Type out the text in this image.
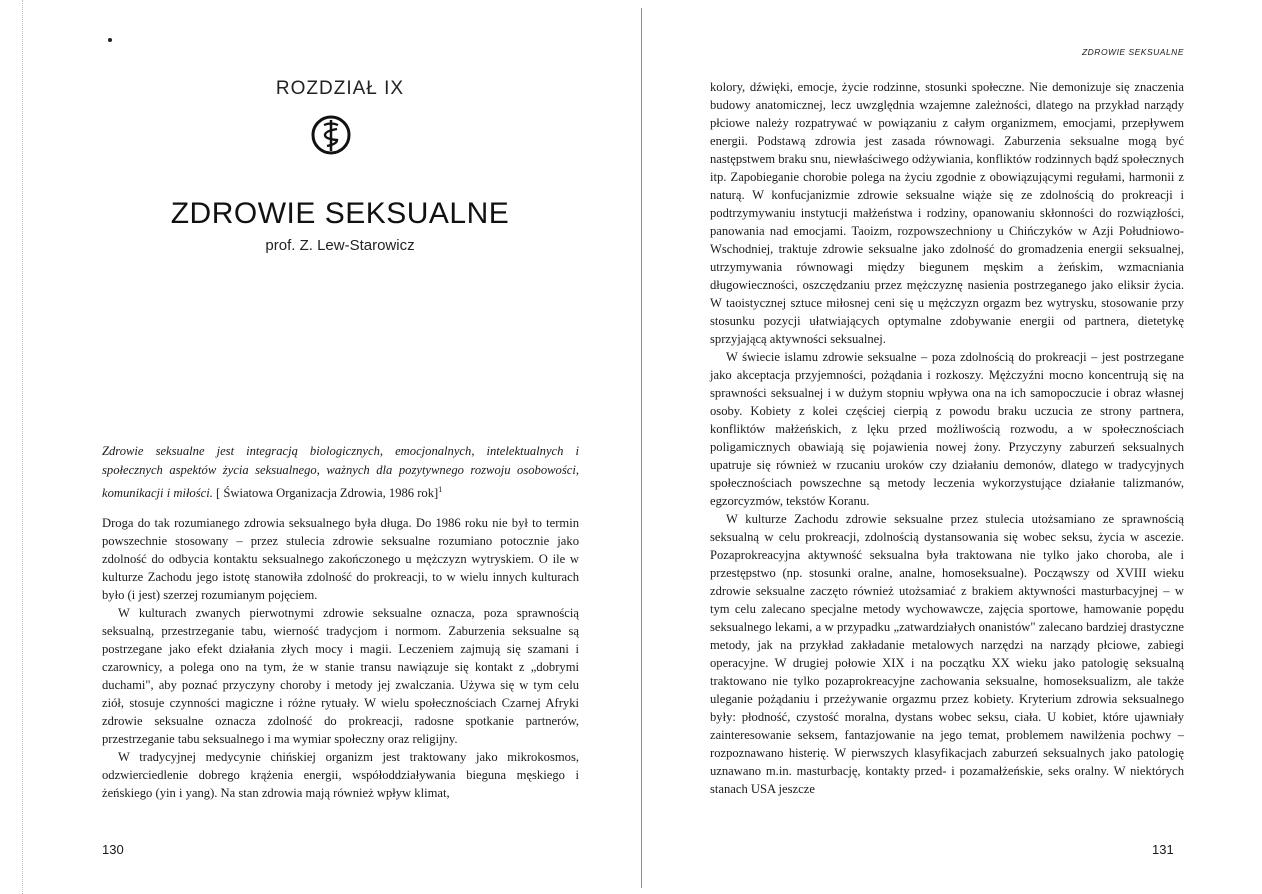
ROZDZIAŁ IX
ZDROWIE SEKSUALNE
prof. Z. Lew-Starowicz
Zdrowie seksualne jest integracją biologicznych, emocjonalnych, intelektualnych i społecznych aspektów życia seksualnego, ważnych dla pozytywnego rozwoju osobowości, komunikacji i miłości. [ Światowa Organizacja Zdrowia, 1986 rok]$^1$

Droga do tak rozumianego zdrowia seksualnego była długa. Do 1986 roku nie był to termin powszechnie stosowany – przez stulecia zdrowie seksualne rozumiano potocznie jako zdolność do odbycia kontaktu seksualnego zakończonego u mężczyzn wytryskiem. O ile w kulturze Zachodu jego istotę stanowiła zdolność do prokreacji, to w wielu innych kulturach było (i jest) szerzej rozumianym pojęciem.

W kulturach zwanych pierwotnymi zdrowie seksualne oznacza, poza sprawnością seksualną, przestrzeganie tabu, wierność tradycjom i normom. Zaburzenia seksualne są postrzegane jako efekt działania złych mocy i magii. Leczeniem zajmują się szamani i czarownicy, a polega ono na tym, że w stanie transu nawiązuje się kontakt z „dobrymi duchami", aby poznać przyczyny choroby i metody jej zwalczania. Używa się w tym celu ziół, stosuje czynności magiczne i różne rytuały. W wielu społecznościach Czarnej Afryki zdrowie seksualne oznacza zdolność do prokreacji, radosne spotkanie partnerów, przestrzeganie tabu seksualnego i ma wymiar społeczny oraz religijny.

W tradycyjnej medycynie chińskiej organizm jest traktowany jako mikrokosmos, odzwierciedlenie dobrego krążenia energii, współoddziaływania bieguna męskiego i żeńskiego (yin i yang). Na stan zdrowia mają również wpływ klimat,

130
ZDROWIE SEKSUALNE

kolory, dźwięki, emocje, życie rodzinne, stosunki społeczne. Nie demonizuje się znaczenia budowy anatomicznej, lecz uwzględnia wzajemne zależności, dlatego na przykład narządy płciowe należy rozpatrywać w powiązaniu z całym organizmem, emocjami, przepływem energii. Podstawą zdrowia jest zasada równowagi. Zaburzenia seksualne mogą być następstwem braku snu, niewłaściwego odżywiania, konfliktów rodzinnych bądź społecznych itp. Zapobieganie chorobie polega na życiu zgodnie z obowiązującymi regułami, harmonii z naturą. W konfucjanizmie zdrowie seksualne wiąże się ze zdolnością do prokreacji i podtrzymywaniu instytucji małżeństwa i rodziny, opanowaniu skłonności do rozwiązłości, panowania nad emocjami. Taoizm, rozpowszechniony u Chińczyków w Azji Południowo-Wschodniej, traktuje zdrowie seksualne jako zdolność do gromadzenia energii seksualnej, utrzymywania równowagi między biegunem męskim a żeńskim, wzmacniania długowieczności, oszczędzaniu przez mężczyznę nasienia postrzeganego jako eliksir życia. W taoistycznej sztuce miłosnej ceni się u mężczyzn orgazm bez wytrysku, stosowanie przy stosunku pozycji ułatwiających optymalne zdobywanie energii od partnera, dietetykę sprzyjającą aktywności seksualnej.

W świecie islamu zdrowie seksualne – poza zdolnością do prokreacji – jest postrzegane jako akceptacja przyjemności, pożądania i rozkoszy. Mężczyźni mocno koncentrują się na sprawności seksualnej i w dużym stopniu wpływa ona na ich samopoczucie i obraz własnej osoby. Kobiety z kolei częściej cierpią z powodu braku uczucia ze strony partnera, konfliktów małżeńskich, z lęku przed możliwością rozwodu, a w społecznościach poligamicznych obawiają się pojawienia nowej żony. Przyczyny zaburzeń seksualnych upatruje się również w rzucaniu uroków czy działaniu demonów, dlatego w tradycyjnych społecznościach powszechne są metody leczenia wykorzystujące działanie talizmanów, egzorcyzmów, tekstów Koranu.

W kulturze Zachodu zdrowie seksualne przez stulecia utożsamiano ze sprawnością seksualną w celu prokreacji, zdolnością dystansowania się wobec seksu, życia w ascezie. Pozaprokreacyjna aktywność seksualna była traktowana nie tylko jako choroba, ale i przestępstwo (np. stosunki oralne, analne, homoseksualne). Począwszy od XVIII wieku zdrowie seksualne zaczęto również utożsamiać z brakiem aktywności masturbacyjnej – w tym celu zalecano specjalne metody wychowawcze, zajęcia sportowe, hamowanie popędu seksualnego lekami, a w przypadku „zatwardziałych onanistów" zalecano bardziej drastyczne metody, jak na przykład zakładanie metalowych narzędzi na narządy płciowe, zabiegi operacyjne. W drugiej połowie XIX i na początku XX wieku jako patologię seksualną traktowano nie tylko pozaprokreacyjne zachowania seksualne, homoseksualizm, ale także uleganie pożądaniu i przeżywanie orgazmu przez kobiety. Kryterium zdrowia seksualnego były: płodność, czystość moralna, dystans wobec seksu, ciała. U kobiet, które ujawniały zainteresowanie seksem, fantazjowanie na jego temat, problemem nawilżenia pochwy – rozpoznawano histerię. W pierwszych klasyfikacjach zaburzeń seksualnych jako patologię uznawano m.in. masturbację, kontakty przed- i pozamałżeńskie, seks oralny. W niektórych stanach USA jeszcze

131
